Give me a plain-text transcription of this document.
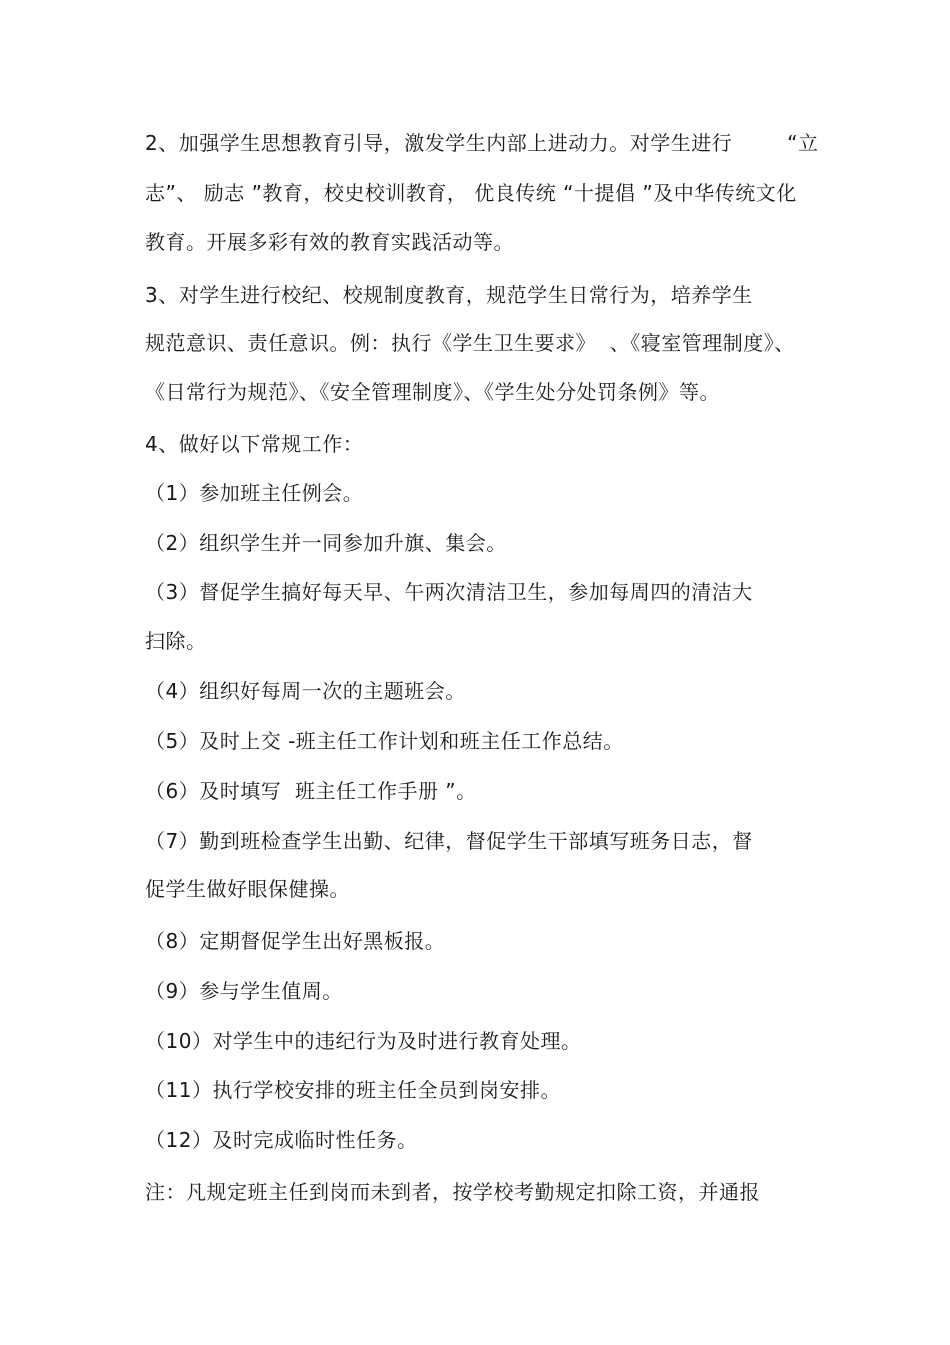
2、加强学生思想教育引导，激发学生内部上进动力。对学生进行        “立
志”、 励志 ”教育，校史校训教育， 优良传统 “十提倡 ”及中华传统文化
教育。开展多彩有效的教育实践活动等。
3、对学生进行校纪、校规制度教育，规范学生日常行为，培养学生
规范意识、责任意识。例：执行《学生卫生要求》  、《寝室管理制度》、
《日常行为规范》、《安全管理制度》、《学生处分处罚条例》等。
4、做好以下常规工作：
（1）参加班主任例会。
（2）组织学生并一同参加升旗、集会。
（3）督促学生搞好每天早、午两次清洁卫生，参加每周四的清洁大
扫除。
（4）组织好每周一次的主题班会。
（5）及时上交 -班主任工作计划和班主任工作总结。
（6）及时填写  班主任工作手册 ”。
（7）勤到班检查学生出勤、纪律，督促学生干部填写班务日志，督
促学生做好眼保健操。
（8）定期督促学生出好黑板报。
（9）参与学生值周。
（10）对学生中的违纪行为及时进行教育处理。
（11）执行学校安排的班主任全员到岗安排。
（12）及时完成临时性任务。
注：凡规定班主任到岗而未到者，按学校考勤规定扣除工资，并通报
